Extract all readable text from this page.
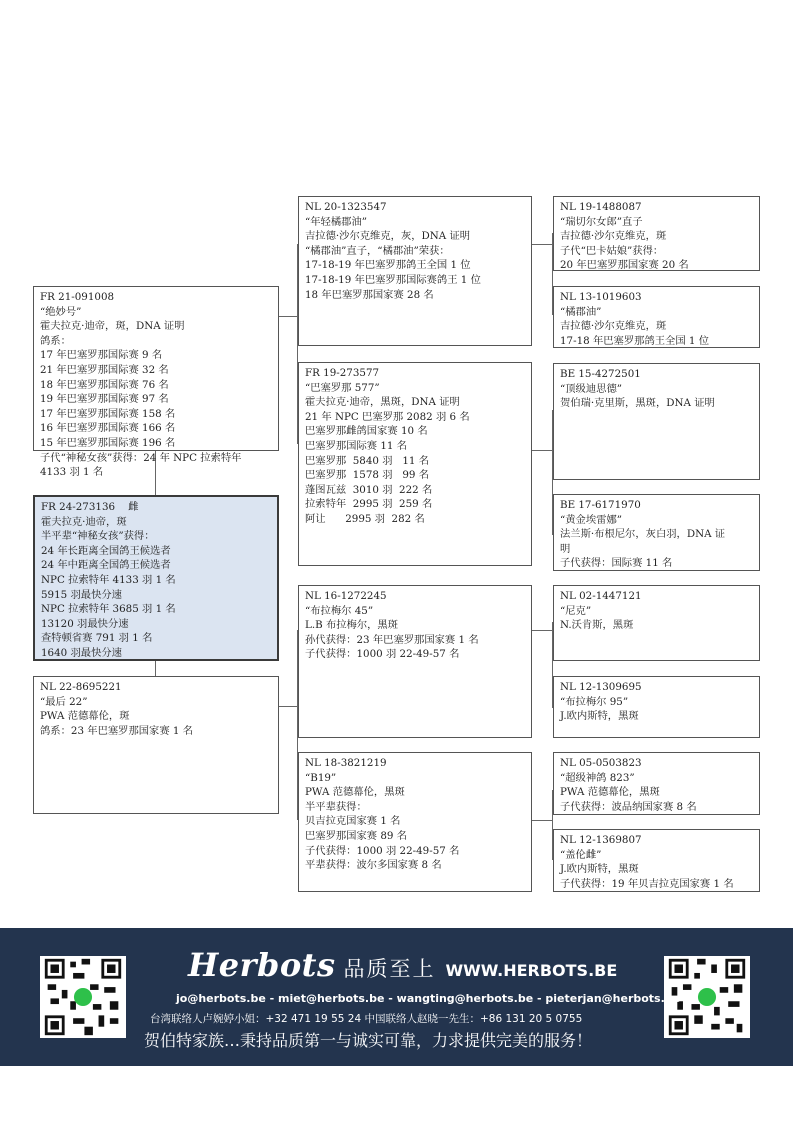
FR 21-091008
“绝妙号”
霍夫拉克·迪帝，斑，DNA 证明
鸽系：
17 年巴塞罗那国际赛 9 名
21 年巴塞罗那国际赛 32 名
18 年巴塞罗那国际赛 76 名
19 年巴塞罗那国际赛 97 名
17 年巴塞罗那国际赛 158 名
16 年巴塞罗那国际赛 166 名
15 年巴塞罗那国际赛 196 名
子代“神秘女孩”获得：24 年 NPC 拉索特年
4133 羽 1 名
FR 24-273136    雌
霍夫拉克·迪帝，斑
半平辈“神秘女孩”获得：
24 年长距离全国鸽王候选者
24 年中距离全国鸽王候选者
NPC 拉索特年 4133 羽 1 名
5915 羽最快分速
NPC 拉索特年 3685 羽 1 名
13120 羽最快分速
查特顿省赛 791 羽 1 名
1640 羽最快分速
NL 22-8695221
“最后 22”
PWA 范德幕伦，斑
鸽系：23 年巴塞罗那国家赛 1 名
NL 20-1323547
“年轻橘郡油”
吉拉德·沙尔克维克，灰，DNA 证明
“橘郡油”直子，“橘郡油”荣获：
17-18-19 年巴塞罗那鸽王全国 1 位
17-18-19 年巴塞罗那国际赛鸽王 1 位
18 年巴塞罗那国家赛 28 名
FR 19-273577
“巴塞罗那 577”
霍夫拉克·迪帝，黑斑，DNA 证明
21 年 NPC 巴塞罗那 2082 羽 6 名
巴塞罗那雌鸽国家赛 10 名
巴塞罗那国际赛 11 名
巴塞罗那  5840 羽   11 名
巴塞罗那  1578 羽   99 名
蓬图瓦兹  3010 羽  222 名
拉索特年  2995 羽  259 名
阿让      2995 羽  282 名
NL 16-1272245
“布拉梅尔 45”
L.B 布拉梅尔，黑斑
孙代获得：23 年巴塞罗那国家赛 1 名
子代获得：1000 羽 22-49-57 名
NL 18-3821219
“B19”
PWA 范德幕伦，黑斑
半平辈获得：
贝吉拉克国家赛 1 名
巴塞罗那国家赛 89 名
子代获得：1000 羽 22-49-57 名
平辈获得：波尔多国家赛 8 名
NL 19-1488087
“瑞切尔女郎”直子
吉拉德·沙尔克维克，斑
子代“巴卡姑娘”获得：
20 年巴塞罗那国家赛 20 名
NL 13-1019603
“橘郡油”
吉拉德·沙尔克维克，斑
17-18 年巴塞罗那鸽王全国 1 位
BE 15-4272501
“顶级迪思德”
贺伯瑞·克里斯，黑斑，DNA 证明
BE 17-6171970
“黄金埃雷娜”
法兰斯·布根尼尔，灰白羽，DNA 证
明
子代获得：国际赛 11 名
NL 02-1447121
“尼克”
N.沃肯斯，黑斑
NL 12-1309695
“布拉梅尔 95”
J.欧内斯特，黑斑
NL 05-0503823
“超级神鸽 823”
PWA 范德幕伦，黑斑
子代获得：波品纳国家赛 8 名
NL 12-1369807
“盖伦雌”
J.欧内斯特，黑斑
子代获得：19 年贝吉拉克国家赛 1 名
Herbots 品质至上 WWW.HERBOTS.BE
jo@herbots.be - miet@herbots.be - wangting@herbots.be - pieterjan@herbots.be
台湾联络人卢婉婷小姐：+32 471 19 55 24 中国联络人赵晓一先生：+86 131 20 5 0755
贺伯特家族…秉持品质第一与诚实可靠，力求提供完美的服务！
